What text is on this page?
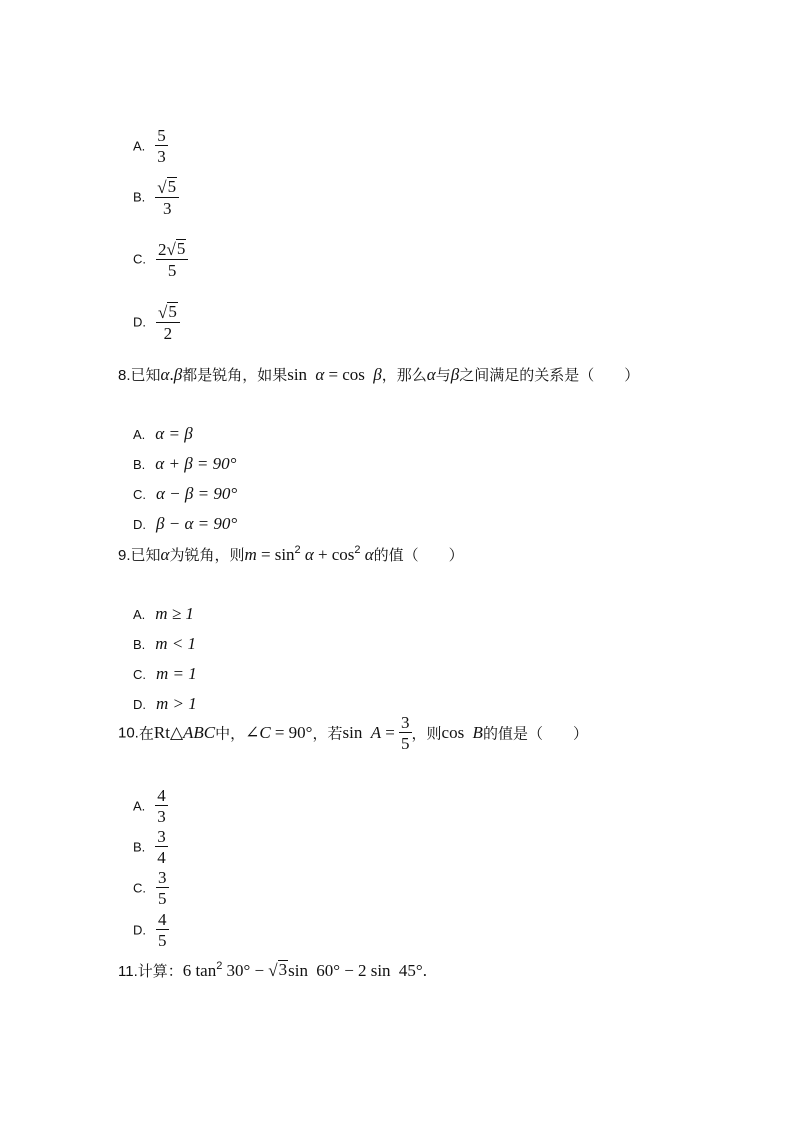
A. $\frac{5}{3}$
B. $\frac{√ 5}{3}$
C. $\frac{2 √ 5}{5}$
D. $\frac{√ 5}{2}$
8.已知α.β都是锐角，如果sin α = cos β，那么α与β之间满足的关系是（ ）
A. α = β
B. α + β = 90°
C. α − β = 90°
D. β − α = 90°
9.已知α为锐角，则$m = \sin^2 \alpha + \cos^2 \alpha$的值（ ）
A. m ≥ 1
B. m < 1
C. m = 1
D. m > 1
10.在Rt△ABC中，∠C = 90°，若$\sin A = \frac{3}{5}$ ，则cos B的值是（ ）
A. $\frac{4}{3}$
B. $\frac{3}{4}$
C. $\frac{3}{5}$
D. $\frac{4}{5}$
11.计算：6 $\tan^2 30^\circ$ − √ 3 sin 60° − 2 sin 45°.
